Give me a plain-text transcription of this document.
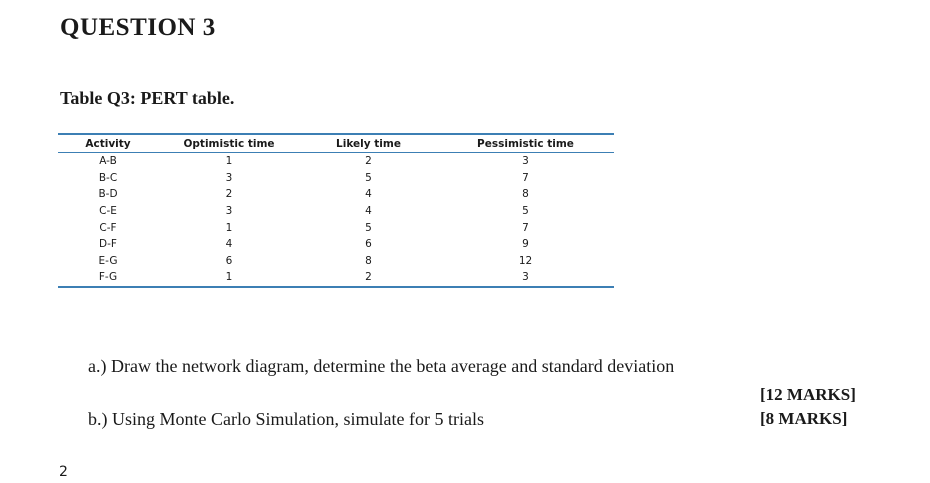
QUESTION 3
Table Q3: PERT table.
Activity	Optimistic time	Likely time	Pessimistic time
A-B	1	2	3
B-C	3	5	7
B-D	2	4	8
C-E	3	4	5
C-F	1	5	7
D-F	4	6	9
E-G	6	8	12
F-G	1	2	3
a.) Draw the network diagram, determine the beta average and standard deviation
[12 MARKS]
b.) Using Monte Carlo Simulation, simulate for 5 trials	[8 MARKS]
2
